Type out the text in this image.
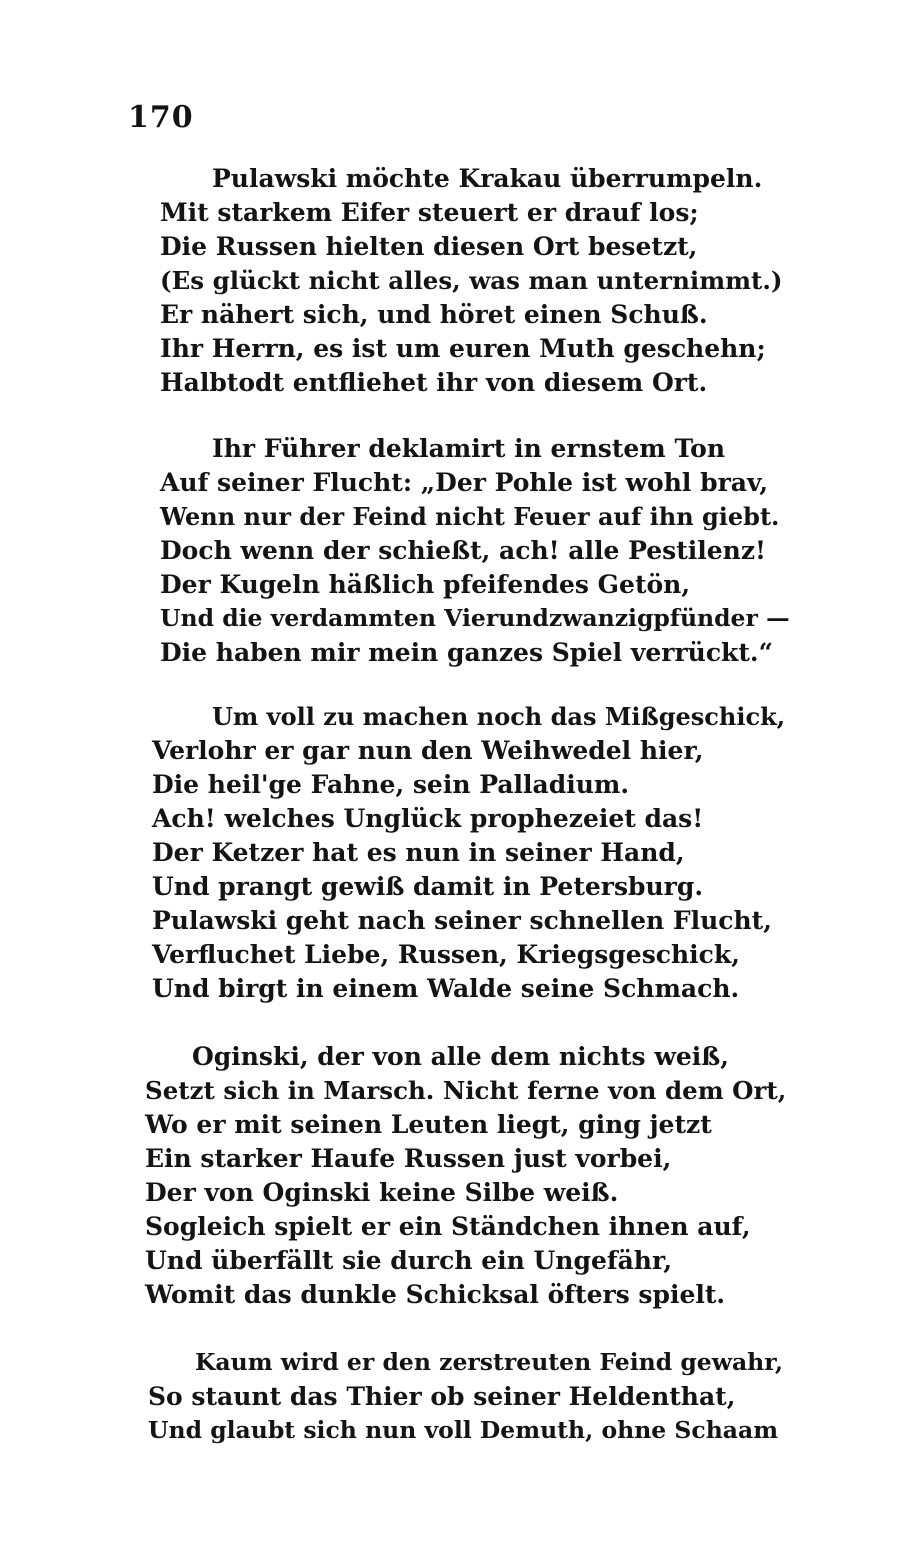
170
Pulawski möchte Krakau überrumpeln.
Mit starkem Eifer steuert er drauf los;
Die Russen hielten diesen Ort besetzt,
(Es glückt nicht alles, was man unternimmt.)
Er nähert sich, und höret einen Schuß.
Ihr Herrn, es ist um euren Muth geschehn;
Halbtodt entfliehet ihr von diesem Ort.
Ihr Führer deklamirt in ernstem Ton
Auf seiner Flucht: „Der Pohle ist wohl brav,
Wenn nur der Feind nicht Feuer auf ihn giebt.
Doch wenn der schießt, ach! alle Pestilenz!
Der Kugeln häßlich pfeifendes Getön,
Und die verdammten Vierundzwanzigpfünder —
Die haben mir mein ganzes Spiel verrückt.“
Um voll zu machen noch das Mißgeschick,
Verlohr er gar nun den Weihwedel hier,
Die heil'ge Fahne, sein Palladium.
Ach! welches Unglück prophezeiet das!
Der Ketzer hat es nun in seiner Hand,
Und prangt gewiß damit in Petersburg.
Pulawski geht nach seiner schnellen Flucht,
Verfluchet Liebe, Russen, Kriegsgeschick,
Und birgt in einem Walde seine Schmach.
Oginski, der von alle dem nichts weiß,
Setzt sich in Marsch. Nicht ferne von dem Ort,
Wo er mit seinen Leuten liegt, ging jetzt
Ein starker Haufe Russen just vorbei,
Der von Oginski keine Silbe weiß.
Sogleich spielt er ein Ständchen ihnen auf,
Und überfällt sie durch ein Ungefähr,
Womit das dunkle Schicksal öfters spielt.
Kaum wird er den zerstreuten Feind gewahr,
So staunt das Thier ob seiner Heldenthat,
Und glaubt sich nun voll Demuth, ohne Schaam
